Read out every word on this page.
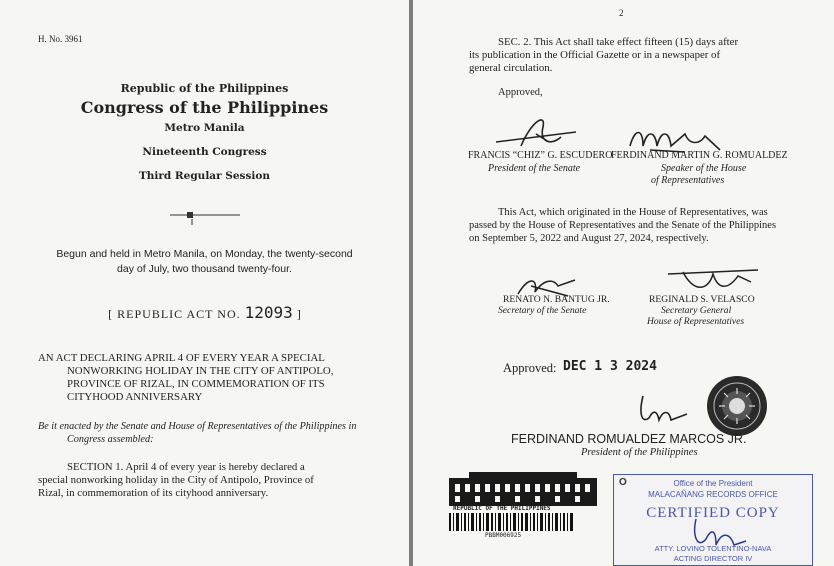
H. No. 3961
Republic of the Philippines
Congress of the Philippines
Metro Manila
Nineteenth Congress
Third Regular Session
Begun and held in Metro Manila, on Monday, the twenty-second
day of July, two thousand twenty-four.
[ REPUBLIC ACT NO. 12093 ]
AN ACT DECLARING APRIL 4 OF EVERY YEAR A SPECIAL
NONWORKING HOLIDAY IN THE CITY OF ANTIPOLO,
PROVINCE OF RIZAL, IN COMMEMORATION OF ITS
CITYHOOD ANNIVERSARY
Be it enacted by the Senate and House of Representatives of the Philippines in
Congress assembled:
SECTION 1. April 4 of every year is hereby declared a
special nonworking holiday in the City of Antipolo, Province of
Rizal, in commemoration of its cityhood anniversary.
2
SEC. 2. This Act shall take effect fifteen (15) days after
its publication in the Official Gazette or in a newspaper of
general circulation.
Approved,
FRANCIS “CHIZ” G. ESCUDERO
President of the Senate
FERDINAND MARTIN G. ROMUALDEZ
Speaker of the House
of Representatives
This Act, which originated in the House of Representatives, was
passed by the House of Representatives and the Senate of the Philippines
on September 5, 2022 and August 27, 2024, respectively.
RENATO N. BANTUG JR.
Secretary of the Senate
REGINALD S. VELASCO
Secretary General
House of Representatives
Approved: DEC 1 3 2024
FERDINAND ROMUALDEZ MARCOS JR.
President of the Philippines
REPUBLIC OF THE PHILIPPINES
PBBM006925
O	Office of the President
MALACAÑANG RECORDS OFFICE
CERTIFIED COPY
ATTY. LOVINO TOLENTINO-NAVA
ACTING DIRECTOR IV
